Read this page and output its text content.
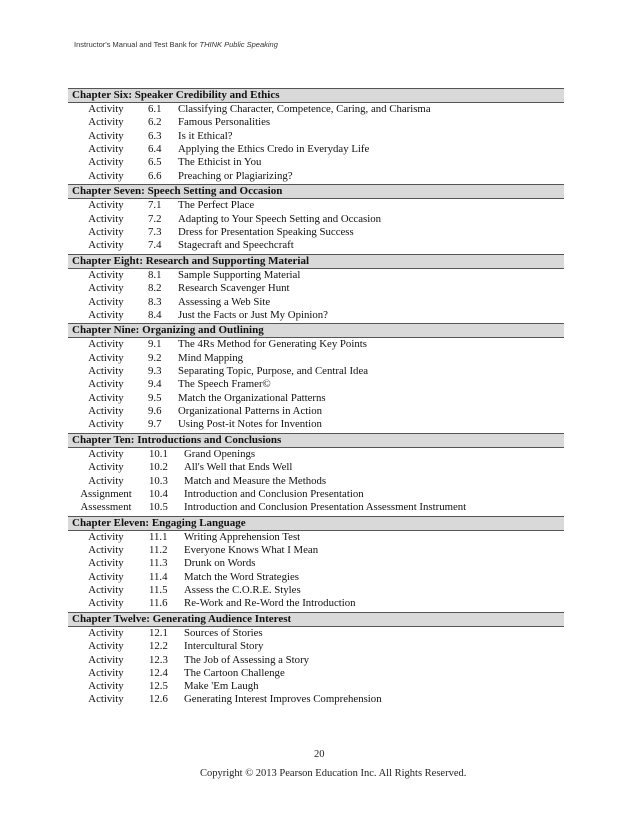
Instructor's Manual and Test Bank for THINK Public Speaking
Chapter Six: Speaker Credibility and Ethics
Activity	6.1 Classifying Character, Competence, Caring, and Charisma
Activity	6.2 Famous Personalities
Activity	6.3 Is it Ethical?
Activity	6.4 Applying the Ethics Credo in Everyday Life
Activity	6.5 The Ethicist in You
Activity	6.6 Preaching or Plagiarizing?
Chapter Seven: Speech Setting and Occasion
Activity	7.1 The Perfect Place
Activity	7.2 Adapting to Your Speech Setting and Occasion
Activity	7.3 Dress for Presentation Speaking Success
Activity	7.4 Stagecraft and Speechcraft
Chapter Eight: Research and Supporting Material
Activity	8.1 Sample Supporting Material
Activity	8.2 Research Scavenger Hunt
Activity	8.3 Assessing a Web Site
Activity	8.4 Just the Facts or Just My Opinion?
Chapter Nine: Organizing and Outlining
Activity	9.1 The 4Rs Method for Generating Key Points
Activity	9.2 Mind Mapping
Activity	9.3 Separating Topic, Purpose, and Central Idea
Activity	9.4 The Speech Framer©
Activity	9.5 Match the Organizational Patterns
Activity	9.6 Organizational Patterns in Action
Activity	9.7 Using Post-it Notes for Invention
Chapter Ten: Introductions and Conclusions
Activity	10.1 Grand Openings
Activity	10.2 All's Well that Ends Well
Activity	10.3 Match and Measure the Methods
Assignment	10.4 Introduction and Conclusion Presentation
Assessment	10.5 Introduction and Conclusion Presentation Assessment Instrument
Chapter Eleven: Engaging Language
Activity	11.1 Writing Apprehension Test
Activity	11.2 Everyone Knows What I Mean
Activity	11.3 Drunk on Words
Activity	11.4 Match the Word Strategies
Activity	11.5 Assess the C.O.R.E. Styles
Activity	11.6 Re-Work and Re-Word the Introduction
Chapter Twelve: Generating Audience Interest
Activity	12.1 Sources of Stories
Activity	12.2 Intercultural Story
Activity	12.3 The Job of Assessing a Story
Activity	12.4 The Cartoon Challenge
Activity	12.5 Make 'Em Laugh
Activity	12.6 Generating Interest Improves Comprehension
20
Copyright © 2013 Pearson Education Inc. All Rights Reserved.
